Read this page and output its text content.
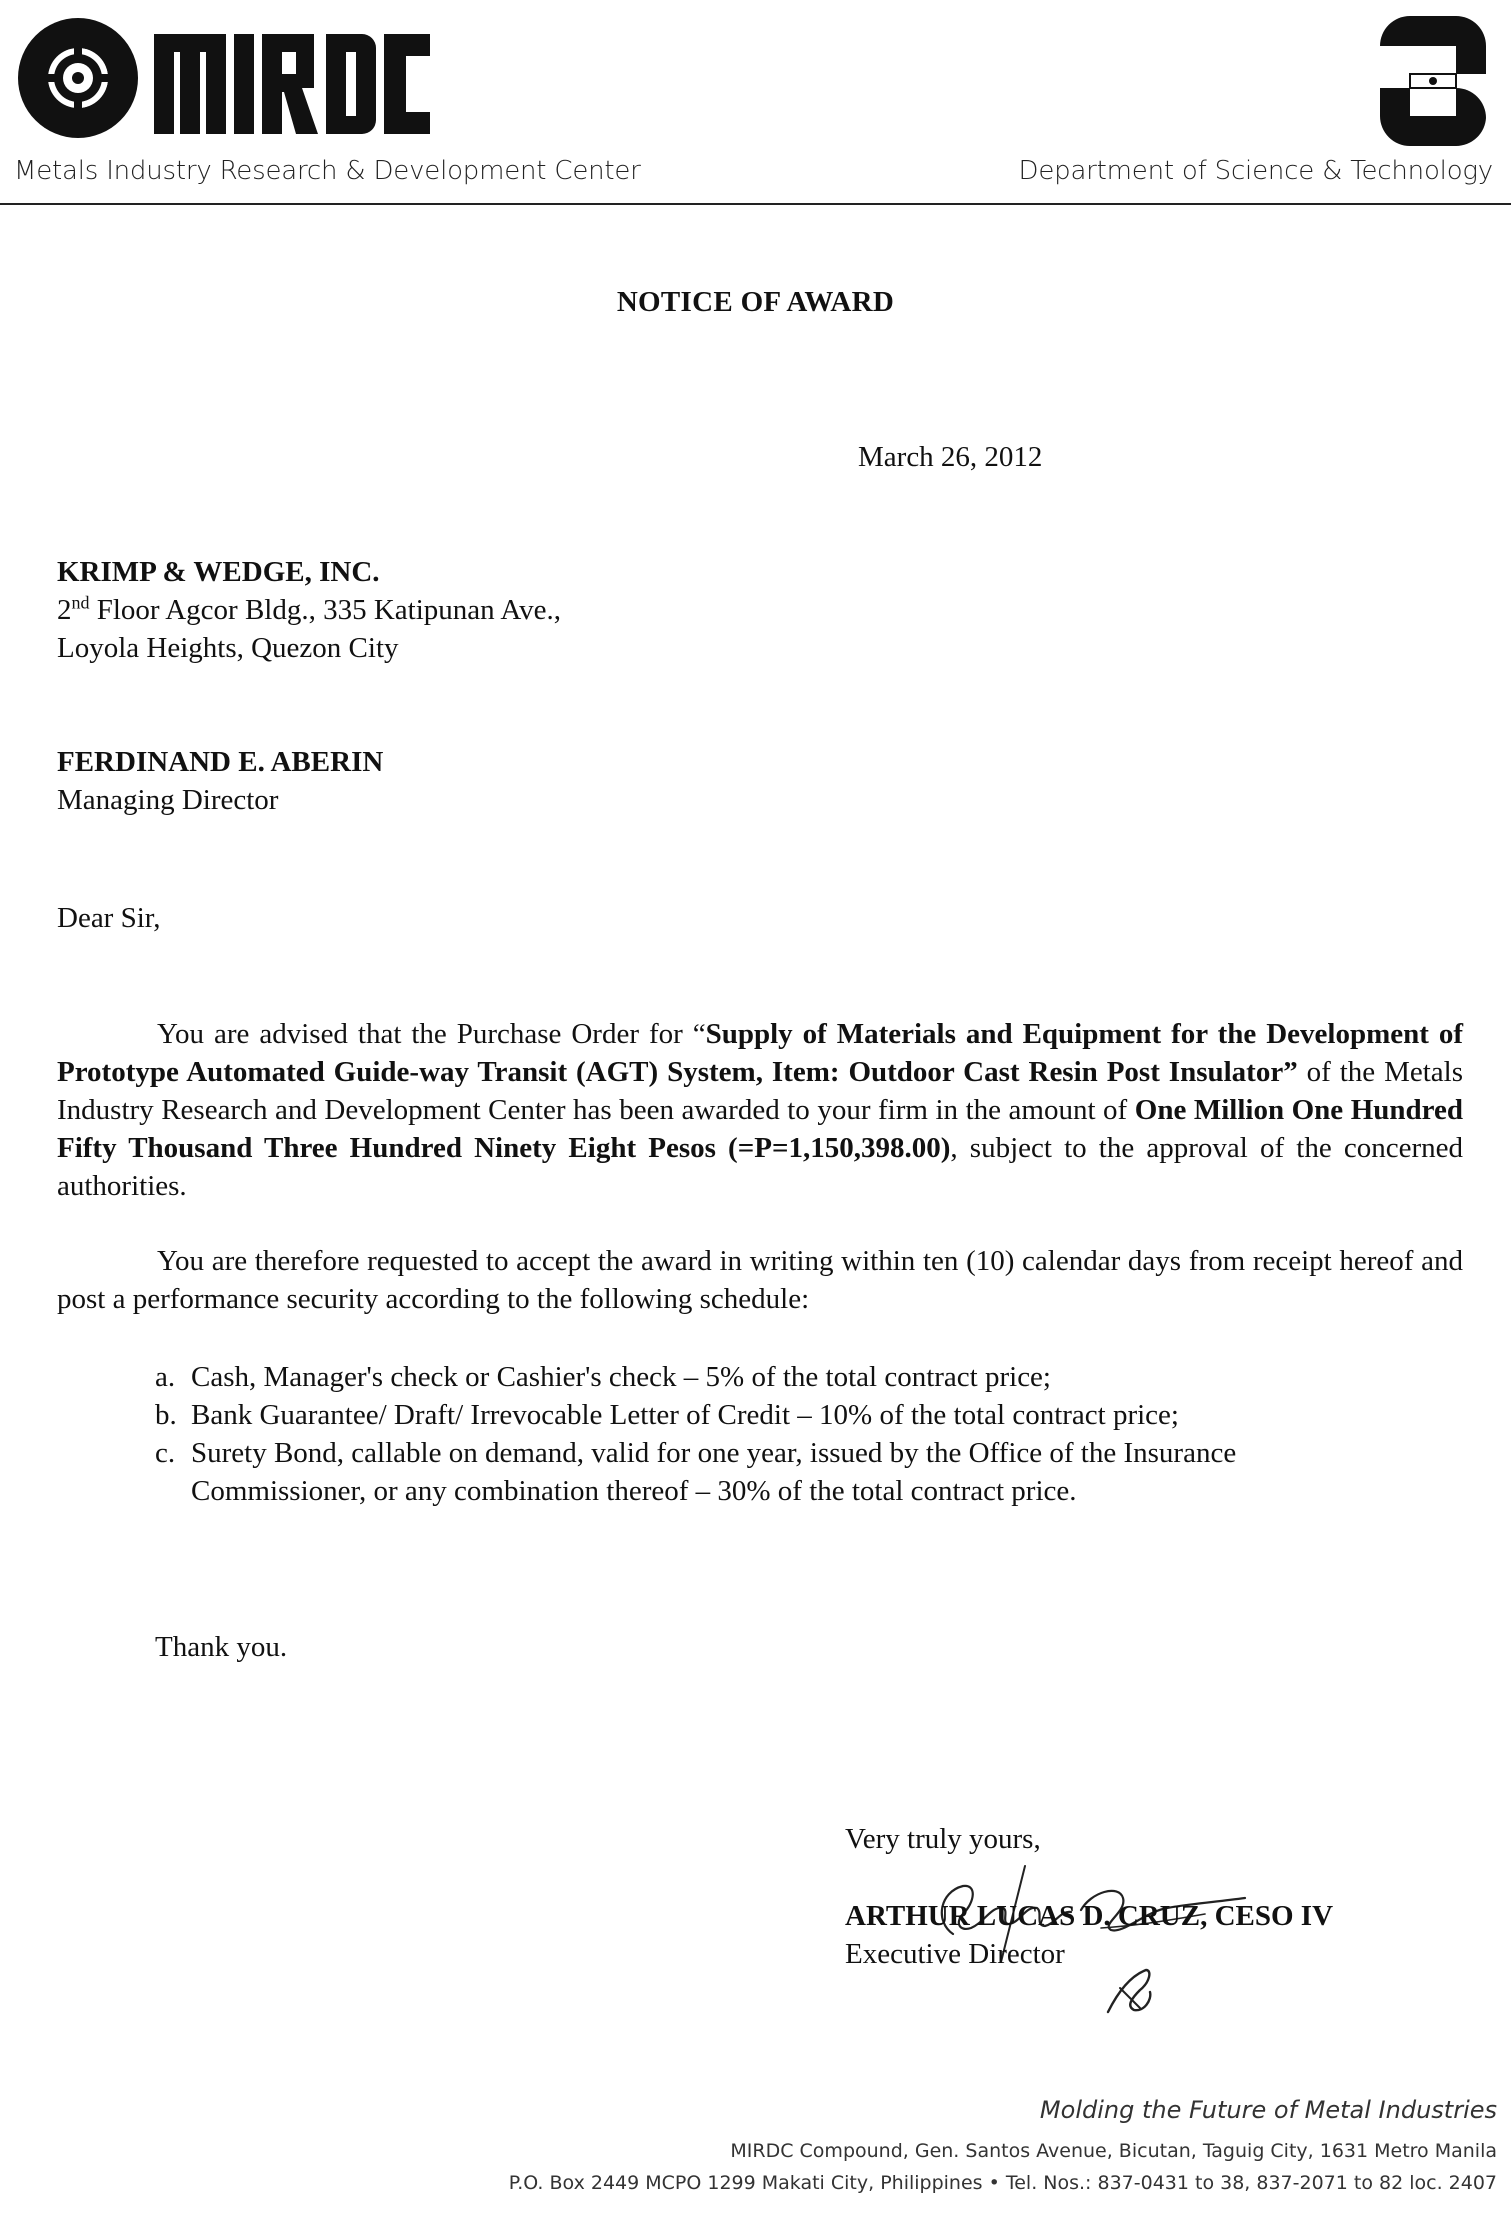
Metals Industry Research & Development Center	Department of Science & Technology
NOTICE OF AWARD
March 26, 2012
KRIMP & WEDGE, INC.
2nd Floor Agcor Bldg., 335 Katipunan Ave.,
Loyola Heights, Quezon City
FERDINAND E. ABERIN
Managing Director
Dear Sir,
You are advised that the Purchase Order for “Supply of Materials and Equipment for the Development of Prototype Automated Guide-way Transit (AGT) System, Item: Outdoor Cast Resin Post Insulator” of the Metals Industry Research and Development Center has been awarded to your firm in the amount of One Million One Hundred Fifty Thousand Three Hundred Ninety Eight Pesos (=P=1,150,398.00), subject to the approval of the concerned authorities.
You are therefore requested to accept the award in writing within ten (10) calendar days from receipt hereof and post a performance security according to the following schedule:
a. Cash, Manager's check or Cashier's check – 5% of the total contract price;
b. Bank Guarantee/ Draft/ Irrevocable Letter of Credit – 10% of the total contract price;
c. Surety Bond, callable on demand, valid for one year, issued by the Office of the Insurance Commissioner, or any combination thereof – 30% of the total contract price.
Thank you.
Very truly yours,
ARTHUR LUCAS D. CRUZ, CESO IV
Executive Director
Molding the Future of Metal Industries
MIRDC Compound, Gen. Santos Avenue, Bicutan, Taguig City, 1631 Metro Manila
P.O. Box 2449 MCPO 1299 Makati City, Philippines • Tel. Nos.: 837-0431 to 38, 837-2071 to 82 loc. 2407
